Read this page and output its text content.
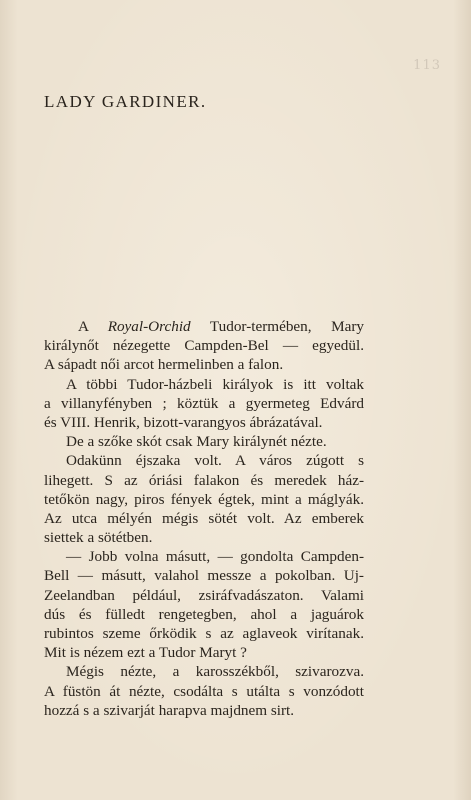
113
LADY GARDINER.
A Royal-Orchid Tudor-termében, Mary
királynőt nézegette Campden-Bel — egyedül.
A sápadt női arcot hermelinben a falon.
A többi Tudor-házbeli királyok is itt voltak
a villanyfényben ; köztük a gyermeteg Edvárd
és VIII. Henrik, bizott-varangyos ábrázatával.
De a szőke skót csak Mary királynét nézte.
Odakünn éjszaka volt. A város zúgott s
lihegett. S az óriási falakon és meredek ház-
tetőkön nagy, piros fények égtek, mint a máglyák.
Az utca mélyén mégis sötét volt. Az emberek
siettek a sötétben.
— Jobb volna másutt, — gondolta Campden-
Bell — másutt, valahol messze a pokolban. Uj-
Zeelandban például, zsiráfvadászaton. Valami
dús és fülledt rengetegben, ahol a jaguárok
rubintos szeme őrködik s az aglaveok virítanak.
Mit is nézem ezt a Tudor Maryt ?
Mégis nézte, a karosszékből, szivarozva.
A füstön át nézte, csodálta s utálta s vonzódott
hozzá s a szivarját harapva majdnem sirt.
